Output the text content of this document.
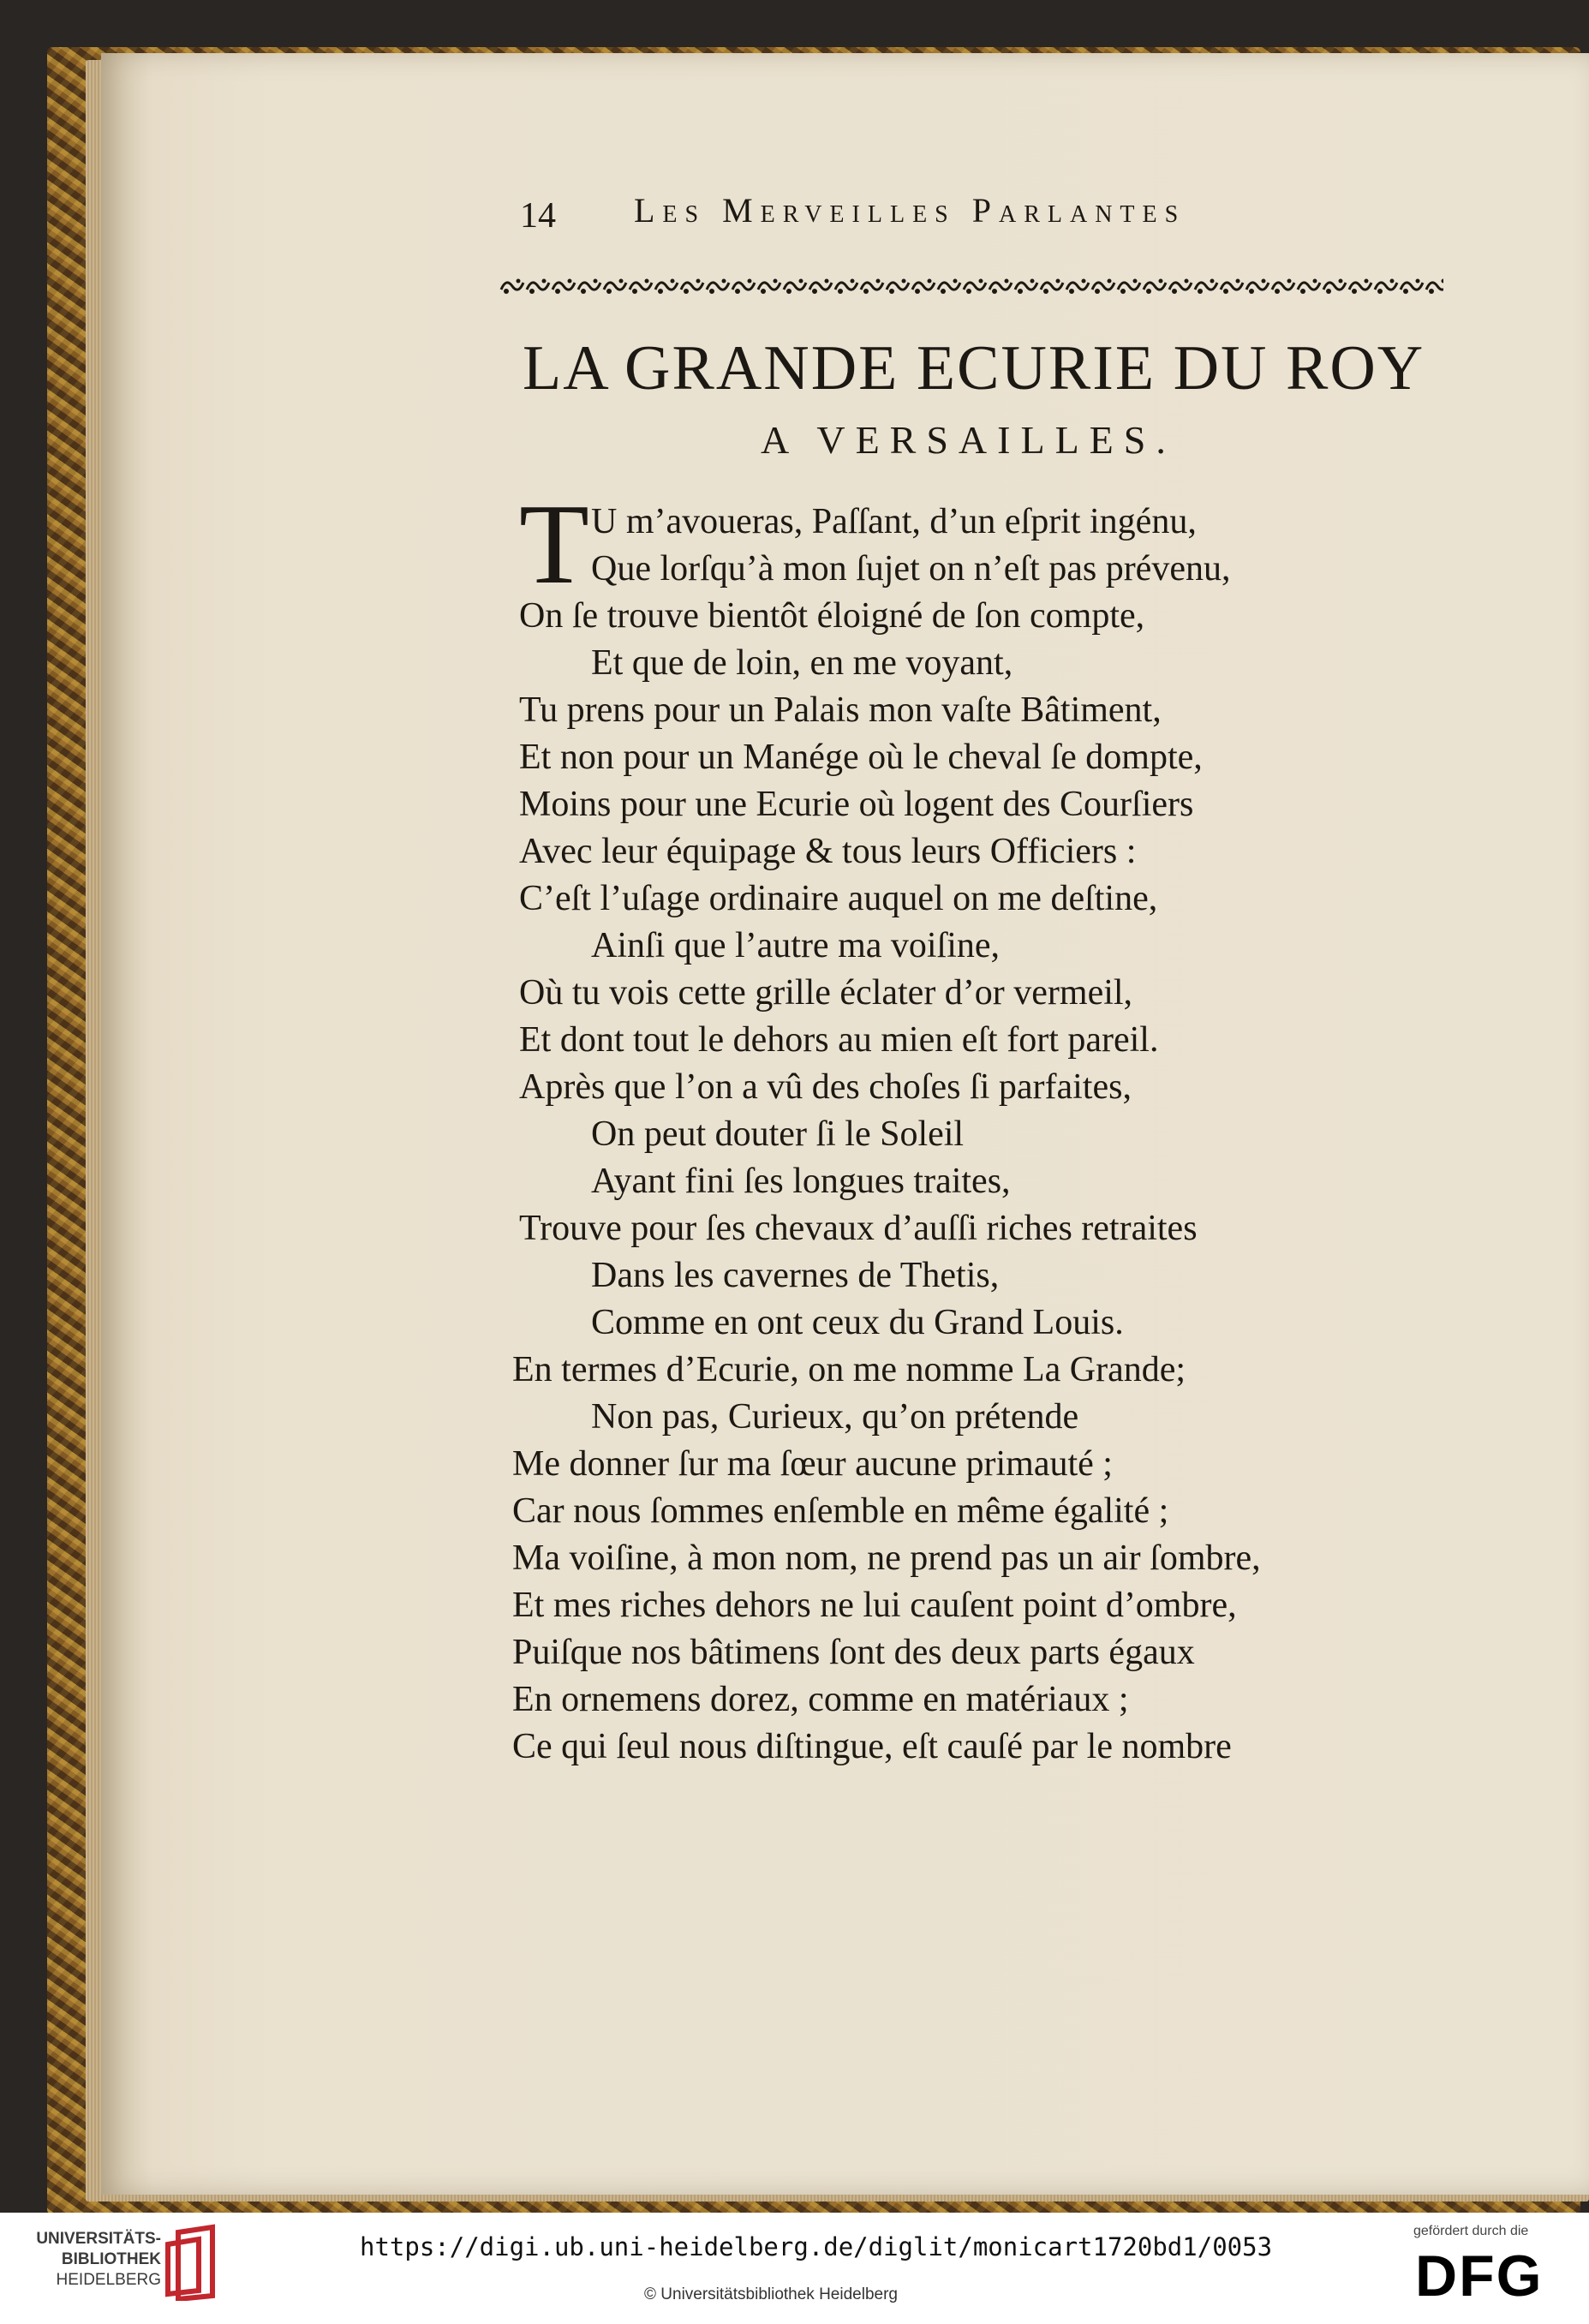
14 Les Merveilles Parlantes
LA GRANDE ECURIE DU ROY
A VERSAILLES.
T U m’avoueras, Paſſant, d’un eſprit ingénu,
Que lorſqu’à mon ſujet on n’eſt pas prévenu,
On ſe trouve bientôt éloigné de ſon compte,
Et que de loin, en me voyant,
Tu prens pour un Palais mon vaſte Bâtiment,
Et non pour un Manége où le cheval ſe dompte,
Moins pour une Ecurie où logent des Courſiers
Avec leur équipage & tous leurs Officiers :
C’eſt l’uſage ordinaire auquel on me deſtine,
Ainſi que l’autre ma voiſine,
Où tu vois cette grille éclater d’or vermeil,
Et dont tout le dehors au mien eſt fort pareil.
Après que l’on a vû des choſes ſi parfaites,
On peut douter ſi le Soleil
Ayant fini ſes longues traites,
Trouve pour ſes chevaux d’auſſi riches retraites
Dans les cavernes de Thetis,
Comme en ont ceux du Grand Louis.
En termes d’Ecurie, on me nomme La Grande;
Non pas, Curieux, qu’on prétende
Me donner ſur ma ſœur aucune primauté ;
Car nous ſommes enſemble en même égalité ;
Ma voiſine, à mon nom, ne prend pas un air ſombre,
Et mes riches dehors ne lui cauſent point d’ombre,
Puiſque nos bâtimens ſont des deux parts égaux
En ornemens dorez, comme en matériaux ;
Ce qui ſeul nous diſtingue, eſt cauſé par le nombre
UNIVERSITÄTS-
BIBLIOTHEK
HEIDELBERG
https://digi.ub.uni-heidelberg.de/diglit/monicart1720bd1/0053
© Universitätsbibliothek Heidelberg
gefördert durch die
DFG
